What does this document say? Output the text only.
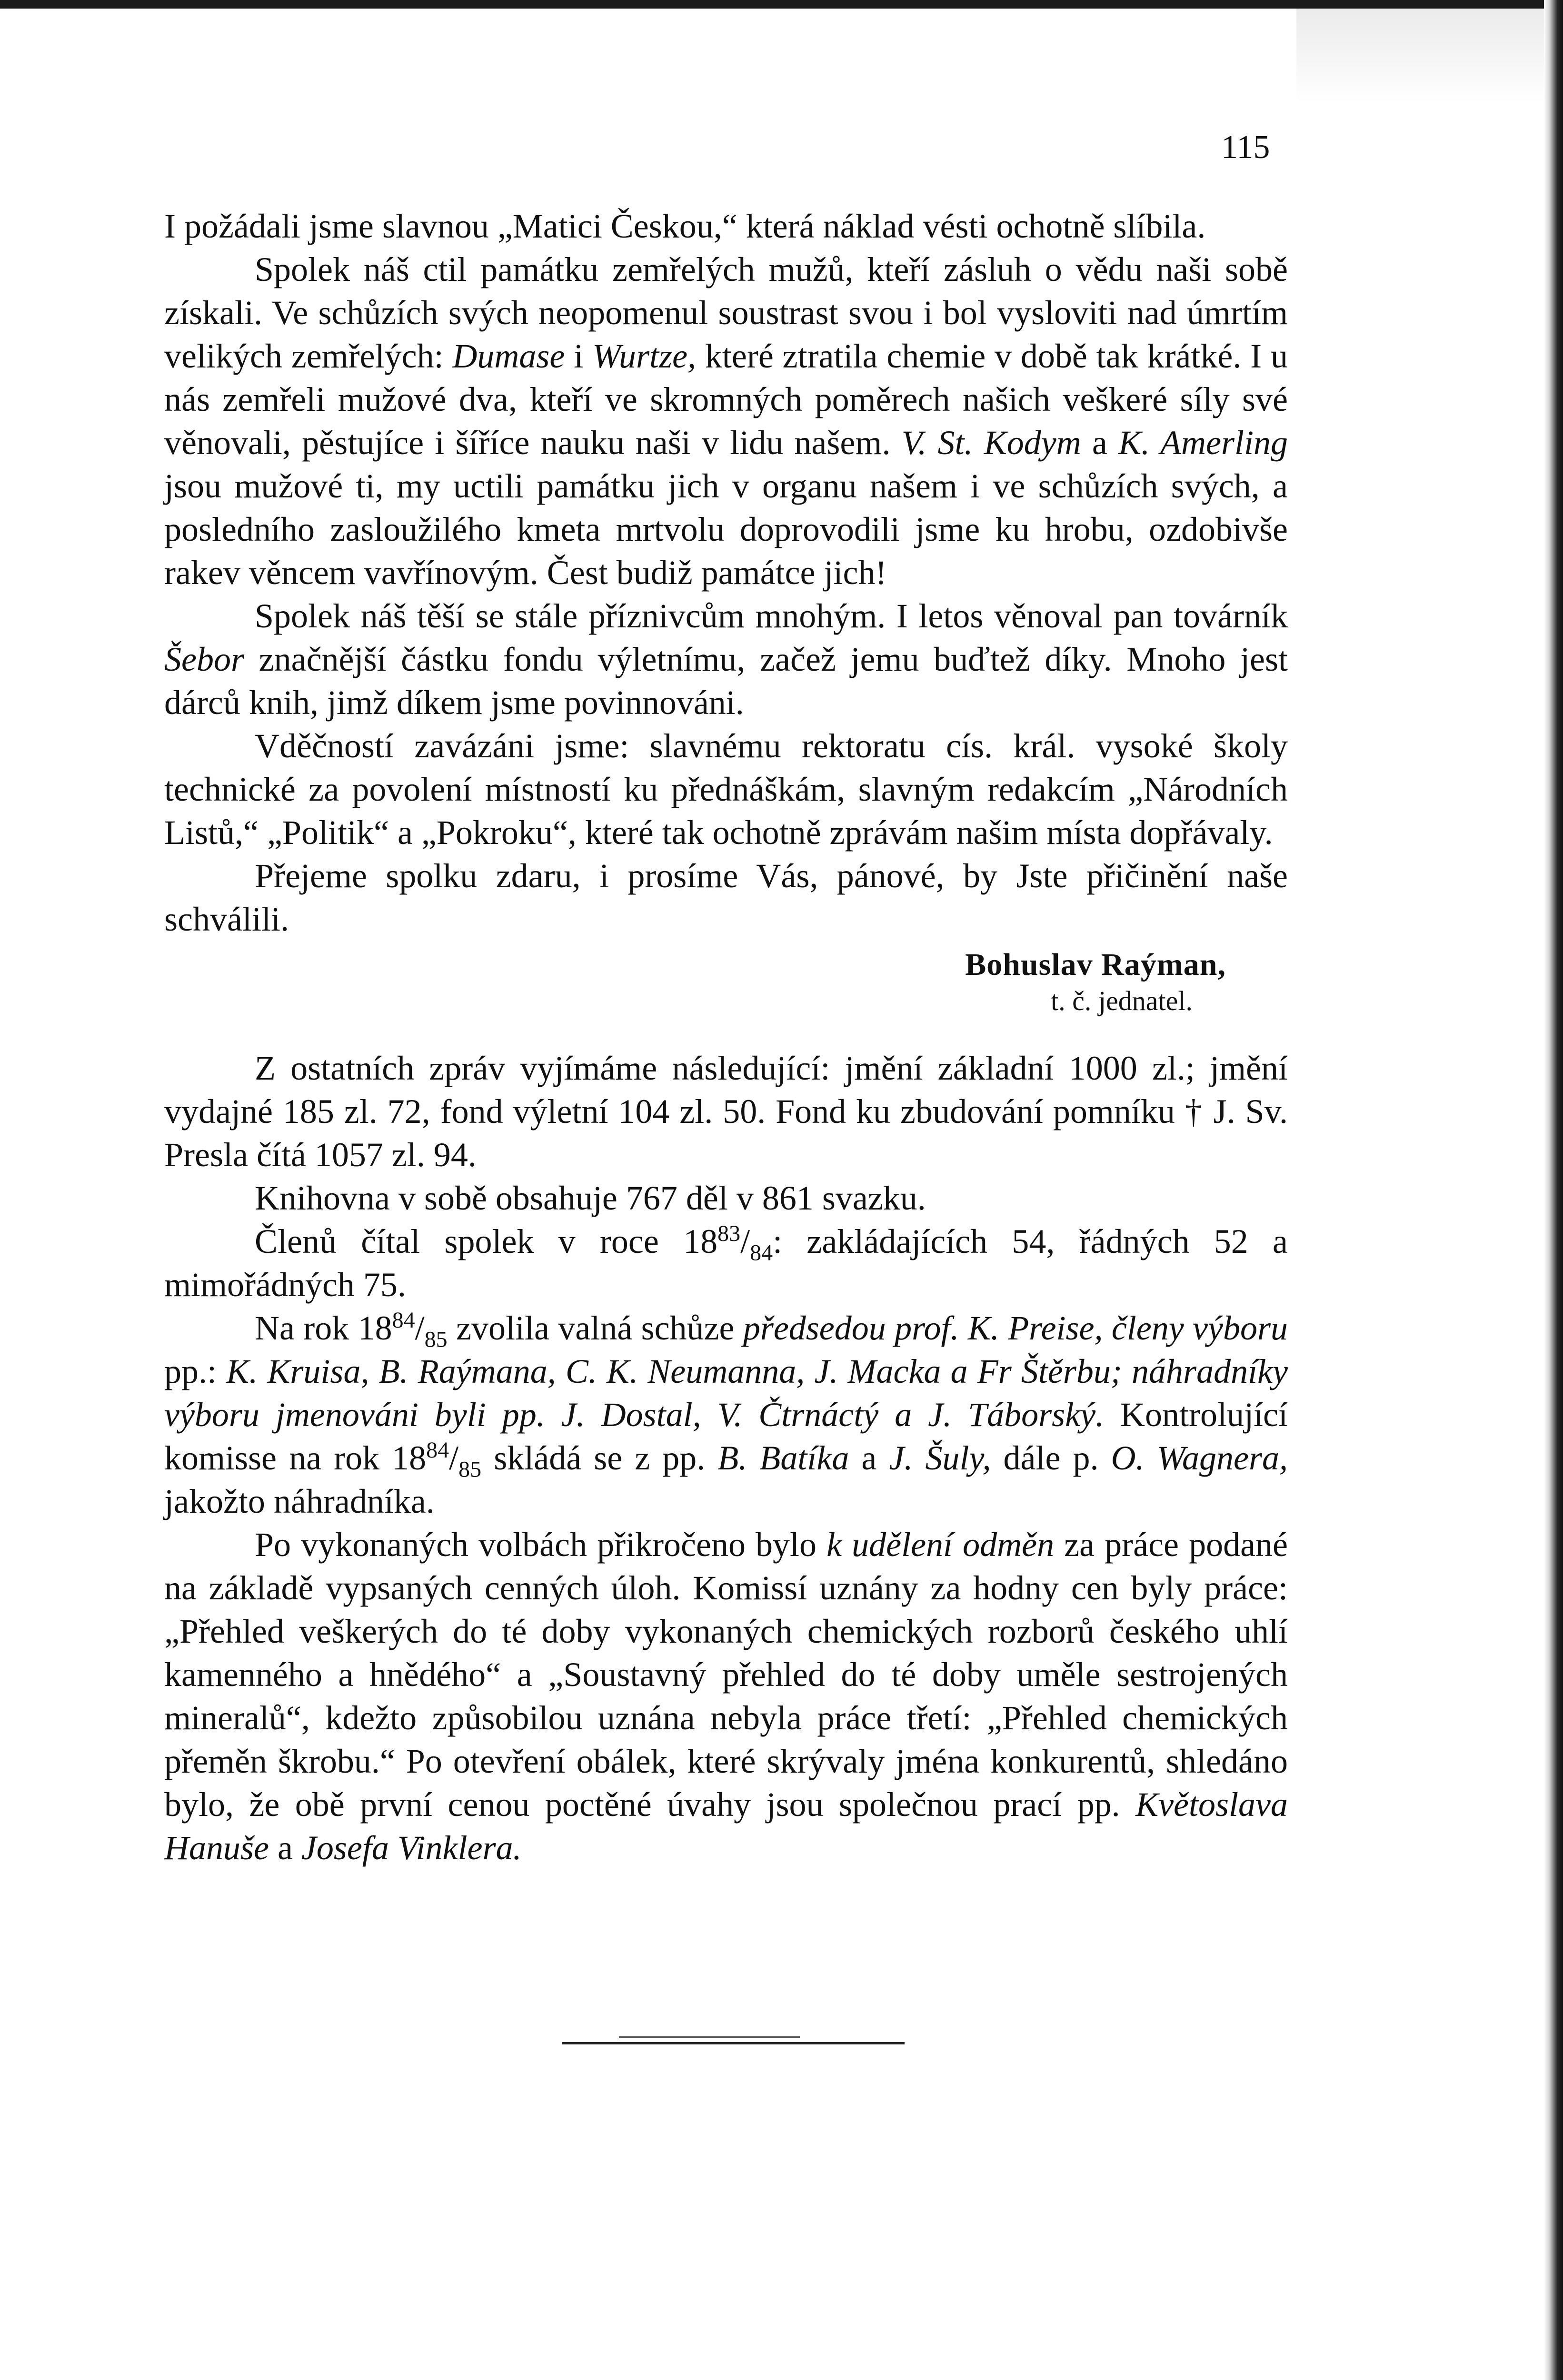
115

I požádali jsme slavnou „Matici Českou,“ která náklad vésti ochotně slíbila.

Spolek náš ctil památku zemřelých mužů, kteří zásluh o vědu naši sobě získali. Ve schůzích svých neopomenul soustrast svou i bol vysloviti nad úmrtím velikých zemřelých: Dumase i Wurtze, které ztratila chemie v době tak krátké. I u nás zemřeli mužové dva, kteří ve skromných poměrech našich veškeré síly své věnovali, pěstujíce i šíříce nauku naši v lidu našem. V. St. Kodym a K. Amerling jsou mužové ti, my uctili památku jich v organu našem i ve schůzích svých, a posledního zasloužilého kmeta mrtvolu doprovodili jsme ku hrobu, ozdobivše rakev věncem vavřínovým. Čest budiž památce jich!

Spolek náš těší se stále příznivcům mnohým. I letos věnoval pan továrník Šebor značnější částku fondu výletnímu, začež jemu buďtež díky. Mnoho jest dárců knih, jimž díkem jsme povinnováni.

Vděčností zavázáni jsme: slavnému rektoratu cís. král. vysoké školy technické za povolení místností ku přednáškám, slavným redakcím „Národních Listů,“ „Politik“ a „Pokroku“, které tak ochotně zprávám našim místa dopřávaly.

Přejeme spolku zdaru, i prosíme Vás, pánové, by Jste přičinění naše schválili.

Bohuslav Raýman,
t. č. jednatel.

Z ostatních zpráv vyjímáme následující: jmění základní 1000 zl.; jmění vydajné 185 zl. 72, fond výletní 104 zl. 50. Fond ku zbudování pomníku † J. Sv. Presla čítá 1057 zl. 94.

Knihovna v sobě obsahuje 767 děl v 861 svazku.

Členů čítal spolek v roce $18^{83}/_{84}$: zakládajících 54, řádných 52 a mimořádných 75.

Na rok $18^{84}/_{85}$ zvolila valná schůze předsedou prof. K. Preise, členy výboru pp.: K. Kruisa, B. Raýmana, C. K. Neumanna, J. Macka a Fr Štěrbu; náhradníky výboru jmenováni byli pp. J. Dostal, V. Čtrnáctý a J. Táborský. Kontrolující komisse na rok $18^{84}/_{85}$ skládá se z pp. B. Batíka a J. Šuly, dále p. O. Wagnera, jakožto náhradníka.

Po vykonaných volbách přikročeno bylo k udělení odměn za práce podané na základě vypsaných cenných úloh. Komissí uznány za hodny cen byly práce: „Přehled veškerých do té doby vykonaných chemických rozborů českého uhlí kamenného a hnědého“ a „Soustavný přehled do té doby uměle sestrojených mineralů“, kdežto způsobilou uznána nebyla práce třetí: „Přehled chemických přeměn škrobu.“ Po otevření obálek, které skrývaly jména konkurentů, shledáno bylo, že obě první cenou poctěné úvahy jsou společnou prací pp. Květoslava Hanuše a Josefa Vinklera.
